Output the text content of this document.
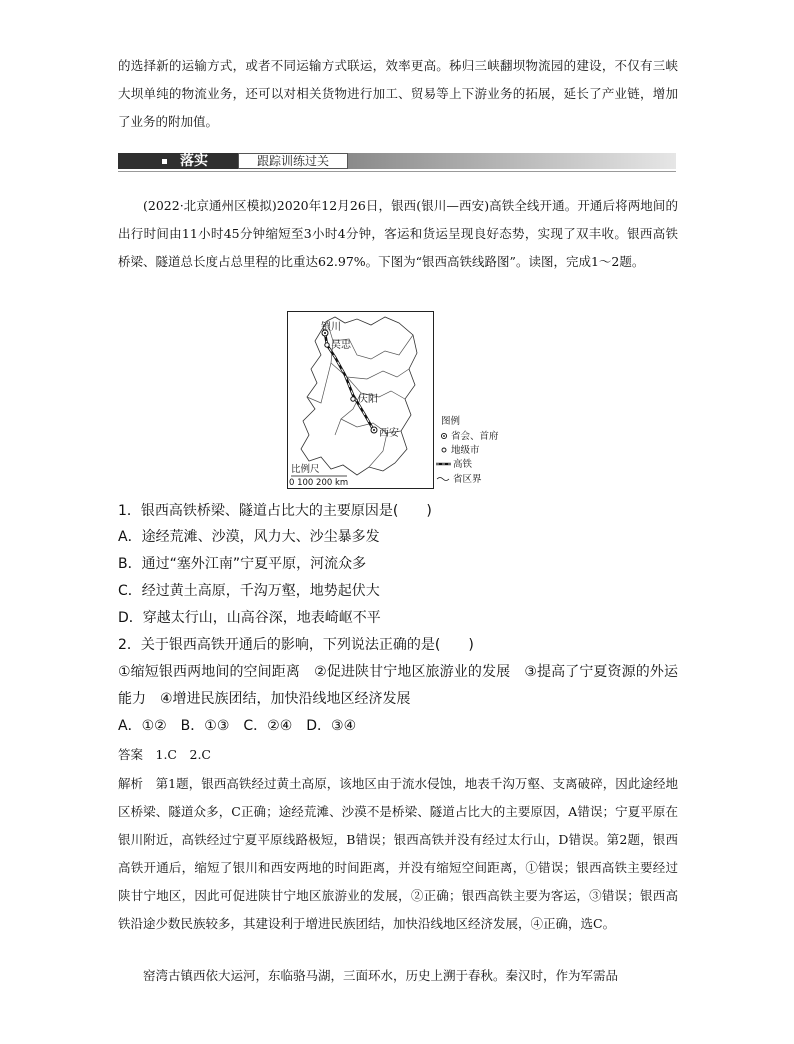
的选择新的运输方式，或者不同运输方式联运，效率更高。秭归三峡翻坝物流园的建设，不仅有三峡大坝单纯的物流业务，还可以对相关货物进行加工、贸易等上下游业务的拓展，延长了产业链，增加了业务的附加值。

落实	跟踪训练过关

(2022·北京通州区模拟)2020年12月26日，银西(银川—西安)高铁全线开通。开通后将两地间的出行时间由11小时45分钟缩短至3小时4分钟，客运和货运呈现良好态势，实现了双丰收。银西高铁桥梁、隧道总长度占总里程的比重达62.97%。下图为“银西高铁线路图”。读图，完成1～2题。

银川
吴忠
庆阳
西安
比例尺
0 100 200 km
图例
省会、首府
地级市
高铁
省区界

1．银西高铁桥梁、隧道占比大的主要原因是(　　)

A．途经荒滩、沙漠，风力大、沙尘暴多发

B．通过“塞外江南”宁夏平原，河流众多

C．经过黄土高原，千沟万壑，地势起伏大

D．穿越太行山，山高谷深，地表崎岖不平

2．关于银西高铁开通后的影响，下列说法正确的是(　　)

①缩短银西两地间的空间距离　②促进陕甘宁地区旅游业的发展　③提高了宁夏资源的外运能力　④增进民族团结，加快沿线地区经济发展

A．①②　B．①③　C．②④　D．③④

答案　1.C　2.C

解析　第1题，银西高铁经过黄土高原，该地区由于流水侵蚀，地表千沟万壑、支离破碎，因此途经地区桥梁、隧道众多，C正确；途经荒滩、沙漠不是桥梁、隧道占比大的主要原因，A错误；宁夏平原在银川附近，高铁经过宁夏平原线路极短，B错误；银西高铁并没有经过太行山，D错误。第2题，银西高铁开通后，缩短了银川和西安两地的时间距离，并没有缩短空间距离，①错误；银西高铁主要经过陕甘宁地区，因此可促进陕甘宁地区旅游业的发展，②正确；银西高铁主要为客运，③错误；银西高铁沿途少数民族较多，其建设利于增进民族团结，加快沿线地区经济发展，④正确，选C。

窑湾古镇西依大运河，东临骆马湖，三面环水，历史上溯于春秋。秦汉时，作为军需品
